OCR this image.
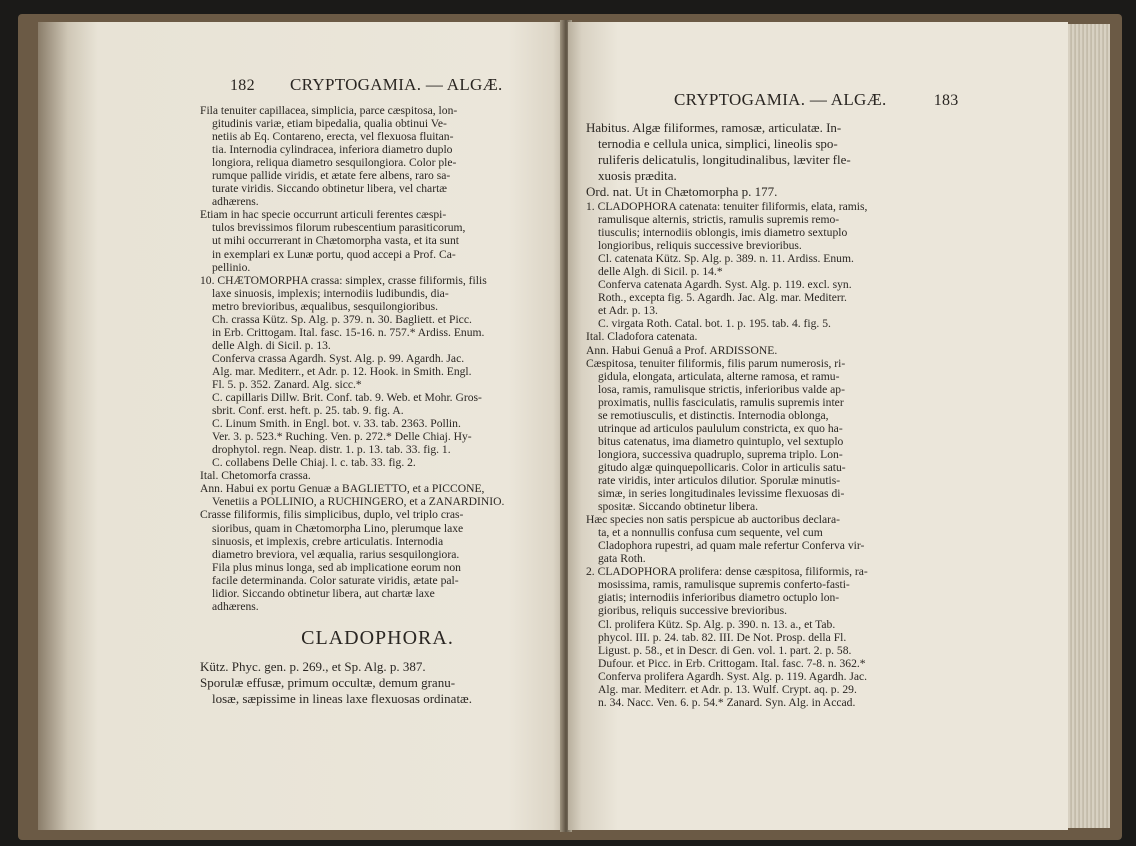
182 CRYPTOGAMIA. — ALGÆ.
Fila tenuiter capillacea, simplicia, parce cæspitosa, lon-
gitudinis variæ, etiam bipedalia, qualia obtinui Ve-
netiis ab Eq. Contareno, erecta, vel flexuosa fluitan-
tia. Internodia cylindracea, inferiora diametro duplo
longiora, reliqua diametro sesquilongiora. Color ple-
rumque pallide viridis, et ætate fere albens, raro sa-
turate viridis. Siccando obtinetur libera, vel chartæ
adhærens.
Etiam in hac specie occurrunt articuli ferentes cæspi-
tulos brevissimos filorum rubescentium parasiticorum,
ut mihi occurrerant in Chætomorpha vasta, et ita sunt
in exemplari ex Lunæ portu, quod accepi a Prof. Ca-
pellinio.
10. CHÆTOMORPHA crassa: simplex, crasse filiformis, filis
laxe sinuosis, implexis; internodiis ludibundis, dia-
metro brevioribus, æqualibus, sesquilongioribus.
Ch. crassa Kütz. Sp. Alg. p. 379. n. 30. Bagliett. et Picc.
in Erb. Crittogam. Ital. fasc. 15-16. n. 757.* Ardiss. Enum.
delle Algh. di Sicil. p. 13.
Conferva crassa Agardh. Syst. Alg. p. 99. Agardh. Jac.
Alg. mar. Mediterr., et Adr. p. 12. Hook. in Smith. Engl.
Fl. 5. p. 352. Zanard. Alg. sicc.*
C. capillaris Dillw. Brit. Conf. tab. 9. Web. et Mohr. Gros-
sbrit. Conf. erst. heft. p. 25. tab. 9. fig. A.
C. Linum Smith. in Engl. bot. v. 33. tab. 2363. Pollin.
Ver. 3. p. 523.* Ruching. Ven. p. 272.* Delle Chiaj. Hy-
drophytol. regn. Neap. distr. 1. p. 13. tab. 33. fig. 1.
C. collabens Delle Chiaj. l. c. tab. 33. fig. 2.
Ital. Chetomorfa crassa.
Ann. Habui ex portu Genuæ a BAGLIETTO, et a PICCONE,
Venetiis a POLLINIO, a RUCHINGERO, et a ZANARDINIO.
Crasse filiformis, filis simplicibus, duplo, vel triplo cras-
sioribus, quam in Chætomorpha Lino, plerumque laxe
sinuosis, et implexis, crebre articulatis. Internodia
diametro breviora, vel æqualia, rarius sesquilongiora.
Fila plus minus longa, sed ab implicatione eorum non
facile determinanda. Color saturate viridis, ætate pal-
lidior. Siccando obtinetur libera, aut chartæ laxe
adhærens.
CLADOPHORA.
Kütz. Phyc. gen. p. 269., et Sp. Alg. p. 387.
Sporulæ effusæ, primum occultæ, demum granu-
losæ, sæpissime in lineas laxe flexuosas ordinatæ.
CRYPTOGAMIA. — ALGÆ.	183
Habitus. Algæ filiformes, ramosæ, articulatæ. In-
ternodia e cellula unica, simplici, lineolis spo-
ruliferis delicatulis, longitudinalibus, læviter fle-
xuosis prædita.
Ord. nat. Ut in Chætomorpha p. 177.
1. CLADOPHORA catenata: tenuiter filiformis, elata, ramis,
ramulisque alternis, strictis, ramulis supremis remo-
tiusculis; internodiis oblongis, imis diametro sextuplo
longioribus, reliquis successive brevioribus.
Cl. catenata Kütz. Sp. Alg. p. 389. n. 11. Ardiss. Enum.
delle Algh. di Sicil. p. 14.*
Conferva catenata Agardh. Syst. Alg. p. 119. excl. syn.
Roth., excepta fig. 5. Agardh. Jac. Alg. mar. Mediterr.
et Adr. p. 13.
C. virgata Roth. Catal. bot. 1. p. 195. tab. 4. fig. 5.
Ital. Cladofora catenata.
Ann. Habui Genuâ a Prof. ARDISSONE.
Cæspitosa, tenuiter filiformis, filis parum numerosis, ri-
gidula, elongata, articulata, alterne ramosa, et ramu-
losa, ramis, ramulisque strictis, inferioribus valde ap-
proximatis, nullis fasciculatis, ramulis supremis inter
se remotiusculis, et distinctis. Internodia oblonga,
utrinque ad articulos paululum constricta, ex quo ha-
bitus catenatus, ima diametro quintuplo, vel sextuplo
longiora, successiva quadruplo, suprema triplo. Lon-
gitudo algæ quinquepollicaris. Color in articulis satu-
rate viridis, inter articulos dilutior. Sporulæ minutis-
simæ, in series longitudinales levissime flexuosas di-
spositæ. Siccando obtinetur libera.
Hæc species non satis perspicue ab auctoribus declara-
ta, et a nonnullis confusa cum sequente, vel cum
Cladophora rupestri, ad quam male refertur Conferva vir-
gata Roth.
2. CLADOPHORA prolifera: dense cæspitosa, filiformis, ra-
mosissima, ramis, ramulisque supremis conferto-fasti-
giatis; internodiis inferioribus diametro octuplo lon-
gioribus, reliquis successive brevioribus.
Cl. prolifera Kütz. Sp. Alg. p. 390. n. 13. a., et Tab.
phycol. III. p. 24. tab. 82. III. De Not. Prosp. della Fl.
Ligust. p. 58., et in Descr. di Gen. vol. 1. part. 2. p. 58.
Dufour. et Picc. in Erb. Crittogam. Ital. fasc. 7-8. n. 362.*
Conferva prolifera Agardh. Syst. Alg. p. 119. Agardh. Jac.
Alg. mar. Mediterr. et Adr. p. 13. Wulf. Crypt. aq. p. 29.
n. 34. Nacc. Ven. 6. p. 54.* Zanard. Syn. Alg. in Accad.
